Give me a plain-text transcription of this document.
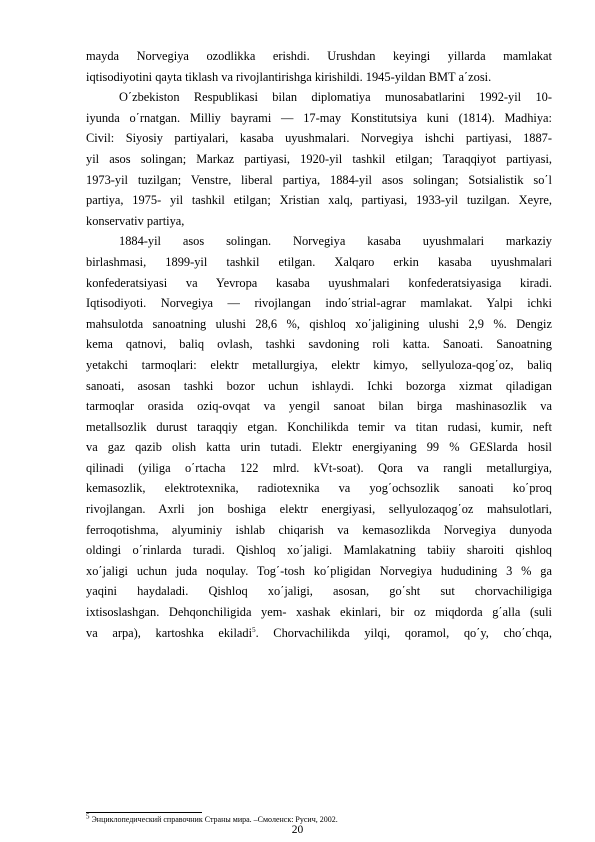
mayda Norvegiya ozodlikka erishdi. Urushdan keyingi yillarda mamlakat
iqtisodiyotini qayta tiklash va rivojlantirishga kirishildi. 1945-yildan BMT a΄zosi.
O΄zbekiston Respublikasi bilan diplomatiya munosabatlarini 1992-yil 10-
iyunda o΄rnatgan. Milliy bayrami — 17-may Konstitutsiya kuni (1814). Madhiya:
Civil: Siyosiy partiyalari, kasaba uyushmalari. Norvegiya ishchi partiyasi, 1887-
yil asos solingan; Markaz partiyasi, 1920-yil tashkil etilgan; Taraqqiyot partiyasi,
1973-yil tuzilgan; Venstre, liberal partiya, 1884-yil asos solingan; Sotsialistik so΄l
partiya, 1975- yil tashkil etilgan; Xristian xalq, partiyasi, 1933-yil tuzilgan. Xeyre,
konservativ partiya,
1884-yil asos solingan. Norvegiya kasaba uyushmalari markaziy
birlashmasi, 1899-yil tashkil etilgan. Xalqaro erkin kasaba uyushmalari
konfederatsiyasi va Yevropa kasaba uyushmalari konfederatsiyasiga kiradi.
Iqtisodiyoti. Norvegiya — rivojlangan indo΄strial-agrar mamlakat. Yalpi ichki
mahsulotda sanoatning ulushi 28,6 %, qishloq xo΄jaligining ulushi 2,9 %. Dengiz
kema qatnovi, baliq ovlash, tashki savdoning roli katta. Sanoati. Sanoatning
yetakchi tarmoqlari: elektr metallurgiya, elektr kimyo, sellyuloza-qog΄oz, baliq
sanoati, asosan tashki bozor uchun ishlaydi. Ichki bozorga xizmat qiladigan
tarmoqlar orasida oziq-ovqat va yengil sanoat bilan birga mashinasozlik va
metallsozlik durust taraqqiy etgan. Konchilikda temir va titan rudasi, kumir, neft
va gaz qazib olish katta urin tutadi. Elektr energiyaning 99 % GESlarda hosil
qilinadi (yiliga o΄rtacha 122 mlrd. kVt-soat). Qora va rangli metallurgiya,
kemasozlik, elektrotexnika, radiotexnika va yog΄ochsozlik sanoati ko΄proq
rivojlangan. Axrli jon boshiga elektr energiyasi, sellyulozaqog΄oz mahsulotlari,
ferroqotishma, alyuminiy ishlab chiqarish va kemasozlikda Norvegiya dunyoda
oldingi o΄rinlarda turadi. Qishloq xo΄jaligi. Mamlakatning tabiiy sharoiti qishloq
xo΄jaligi uchun juda noqulay. Tog΄-tosh ko΄pligidan Norvegiya hududining 3 % ga
yaqini haydaladi. Qishloq xo΄jaligi, asosan, go΄sht sut chorvachiligiga
ixtisoslashgan. Dehqonchiligida yem- xashak ekinlari, bir oz miqdorda g΄alla (suli
va arpa), kartoshka ekiladi$^5$. Chorvachilikda yilqi, qoramol, qo΄y, cho΄chqa,
$^5$ Энциклопедический справочник Страны мира. –Смоленск: Русич, 2002.
20
